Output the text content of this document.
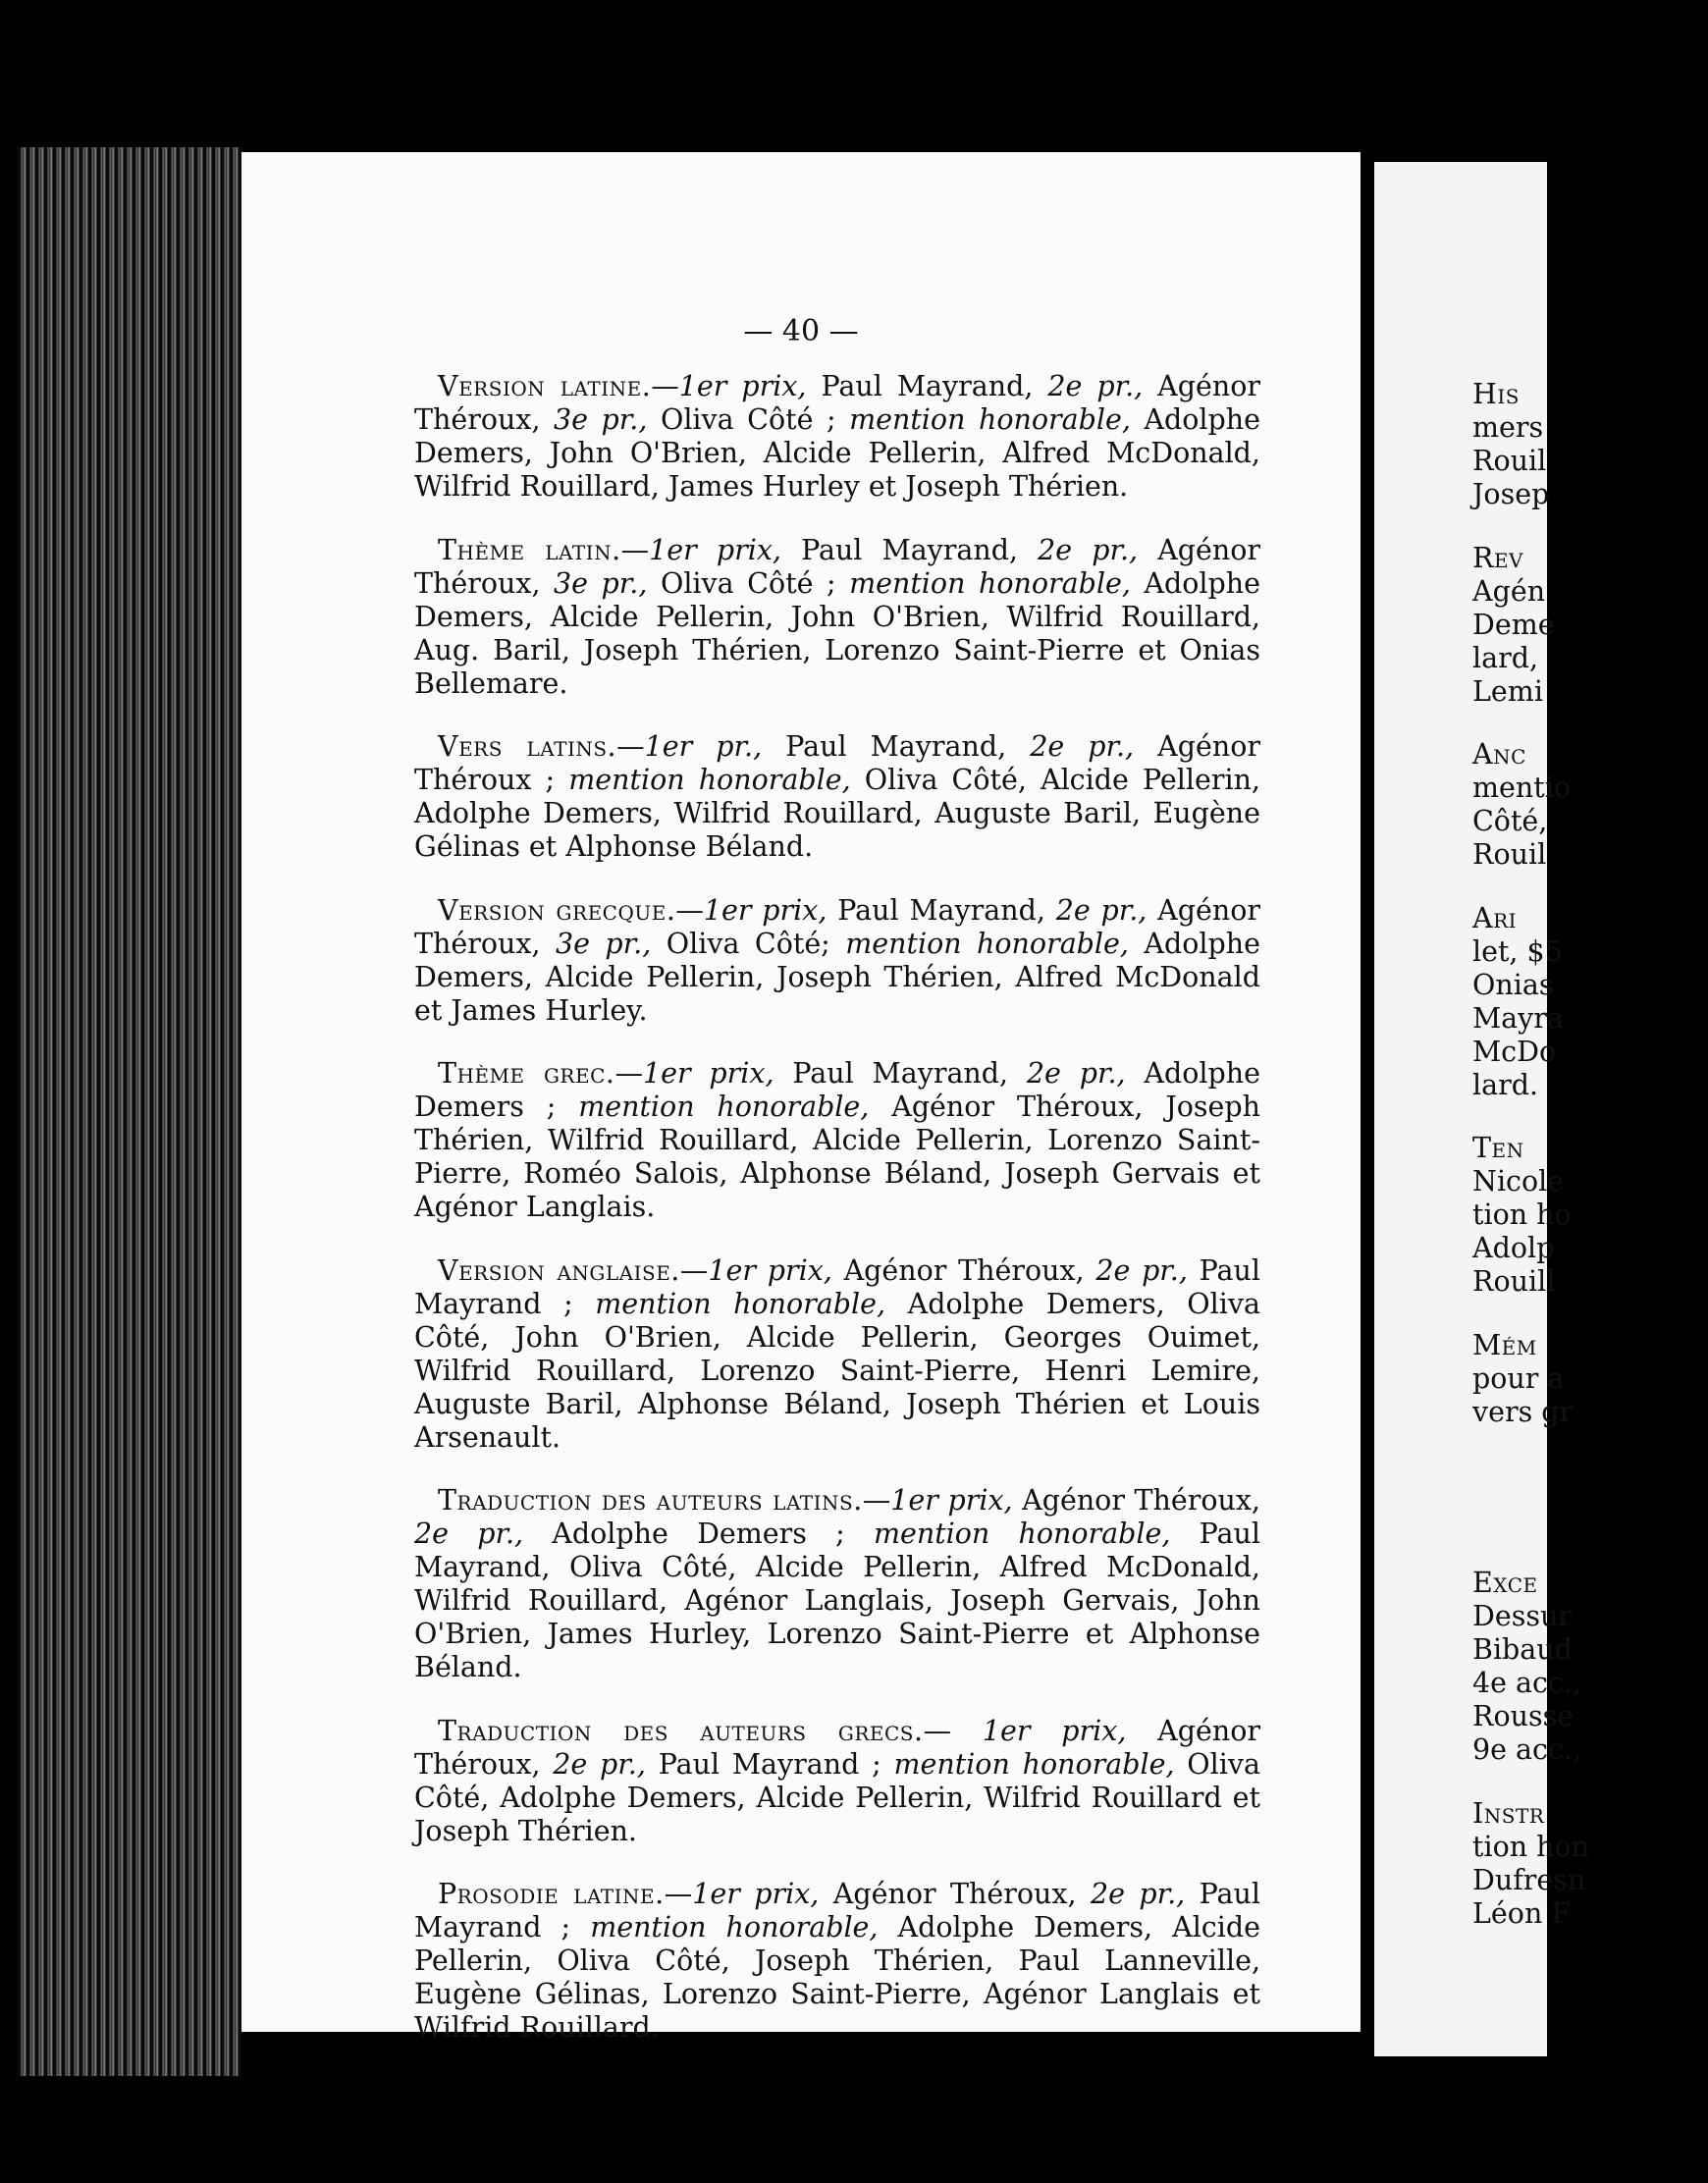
— 40 —

Version latine.—1er prix, Paul Mayrand, 2e pr., Agénor Théroux, 3e pr., Oliva Côté ; mention honorable, Adolphe Demers, John O'Brien, Alcide Pellerin, Alfred McDonald, Wilfrid Rouillard, James Hurley et Joseph Thérien.

Thème latin.—1er prix, Paul Mayrand, 2e pr., Agénor Théroux, 3e pr., Oliva Côté ; mention honorable, Adolphe Demers, Alcide Pellerin, John O'Brien, Wilfrid Rouillard, Aug. Baril, Joseph Thérien, Lorenzo Saint-Pierre et Onias Bellemare.

Vers latins.—1er pr., Paul Mayrand, 2e pr., Agénor Théroux ; mention honorable, Oliva Côté, Alcide Pellerin, Adolphe Demers, Wilfrid Rouillard, Auguste Baril, Eugène Gélinas et Alphonse Béland.

Version grecque.—1er prix, Paul Mayrand, 2e pr., Agénor Théroux, 3e pr., Oliva Côté; mention honorable, Adolphe Demers, Alcide Pellerin, Joseph Thérien, Alfred McDonald et James Hurley.

Thème grec.—1er prix, Paul Mayrand, 2e pr., Adolphe Demers ; mention honorable, Agénor Théroux, Joseph Thérien, Wilfrid Rouillard, Alcide Pellerin, Lorenzo Saint-Pierre, Roméo Salois, Alphonse Béland, Joseph Gervais et Agénor Langlais.

Version anglaise.—1er prix, Agénor Théroux, 2e pr., Paul Mayrand ; mention honorable, Adolphe Demers, Oliva Côté, John O'Brien, Alcide Pellerin, Georges Ouimet, Wilfrid Rouillard, Lorenzo Saint-Pierre, Henri Lemire, Auguste Baril, Alphonse Béland, Joseph Thérien et Louis Arsenault.

Traduction des auteurs latins.—1er prix, Agénor Théroux, 2e pr., Adolphe Demers ; mention honorable, Paul Mayrand, Oliva Côté, Alcide Pellerin, Alfred McDonald, Wilfrid Rouillard, Agénor Langlais, Joseph Gervais, John O'Brien, James Hurley, Lorenzo Saint-Pierre et Alphonse Béland.

Traduction des auteurs grecs.— 1er prix, Agénor Théroux, 2e pr., Paul Mayrand ; mention honorable, Oliva Côté, Adolphe Demers, Alcide Pellerin, Wilfrid Rouillard et Joseph Thérien.

Prosodie latine.—1er prix, Agénor Théroux, 2e pr., Paul Mayrand ; mention honorable, Adolphe Demers, Alcide Pellerin, Oliva Côté, Joseph Thérien, Paul Lanneville, Eugène Gélinas, Lorenzo Saint-Pierre, Agénor Langlais et Wilfrid Rouillard.

His
mers
Rouil
Josep
Rev
Agén
Deme
lard,
Lemi
Anc
mentio
Côté,
Rouil
Ari
let, $5
Onias
Mayra
McDo
lard.
Ten
Nicole
tion ho
Adolp
Rouill
Mém
pour a
vers gr
Exce
Dessur
Bibaud
4e acc.,
Rousse
9e acc.,
Instr
tion hon
Dufresn
Léon F
